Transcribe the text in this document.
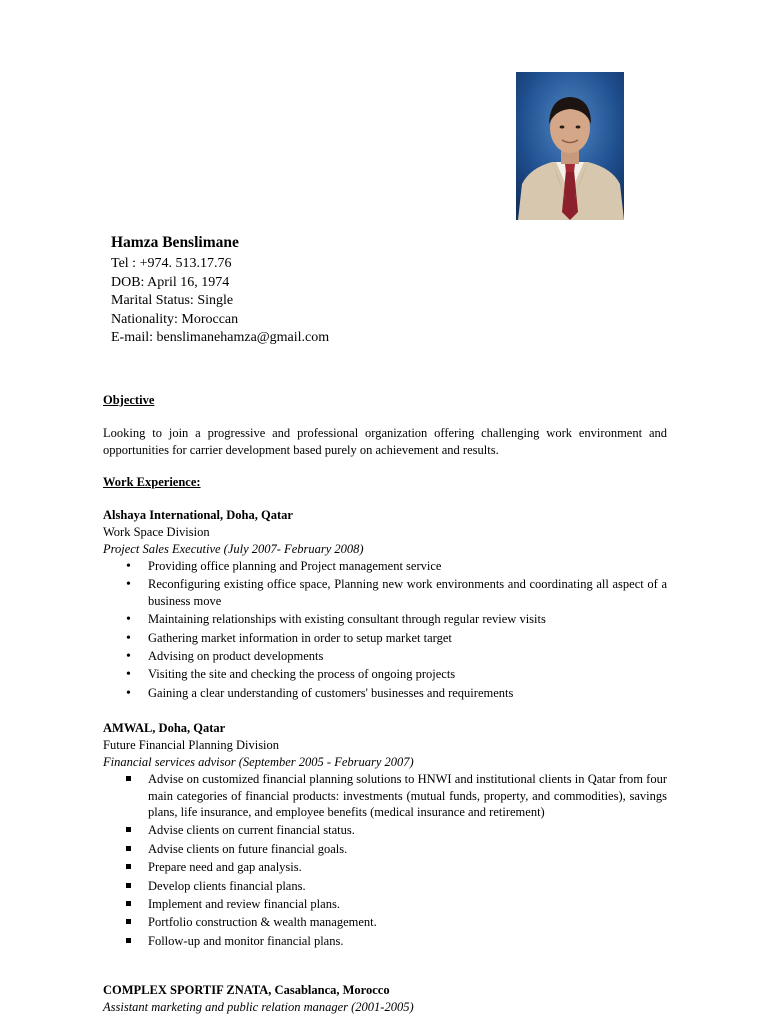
Hamza Benslimane
Tel : +974. 513.17.76
DOB: April 16, 1974
Marital Status: Single
Nationality: Moroccan
E-mail: benslimanehamza@gmail.com
Objective
Looking to join a progressive and professional organization offering challenging work environment and opportunities for carrier development based purely on achievement and results.
Work Experience:
Alshaya International, Doha, Qatar
Work Space Division
Project Sales Executive (July 2007- February 2008)
•
Providing office planning and Project management service
•
Reconfiguring existing office space, Planning new work environments and coordinating all aspect of a business move
•
Maintaining relationships with existing consultant through regular review visits
•
Gathering market information in order to setup market target
•
Advising on product developments
•
Visiting the site and checking the process of ongoing projects
•
Gaining a clear understanding of customers' businesses and requirements
AMWAL, Doha, Qatar
Future Financial Planning Division
Financial services advisor (September 2005 - February 2007)
Advise on customized financial planning solutions to HNWI and institutional clients in Qatar from four main categories of financial products: investments (mutual funds, property, and commodities), savings plans, life insurance, and employee benefits (medical insurance and retirement)
Advise clients on current financial status.
Advise clients on future financial goals.
Prepare need and gap analysis.
Develop clients financial plans.
Implement and review financial plans.
Portfolio construction & wealth management.
Follow-up and monitor financial plans.
COMPLEX SPORTIF ZNATA, Casablanca, Morocco
Assistant marketing and public relation manager (2001-2005)
